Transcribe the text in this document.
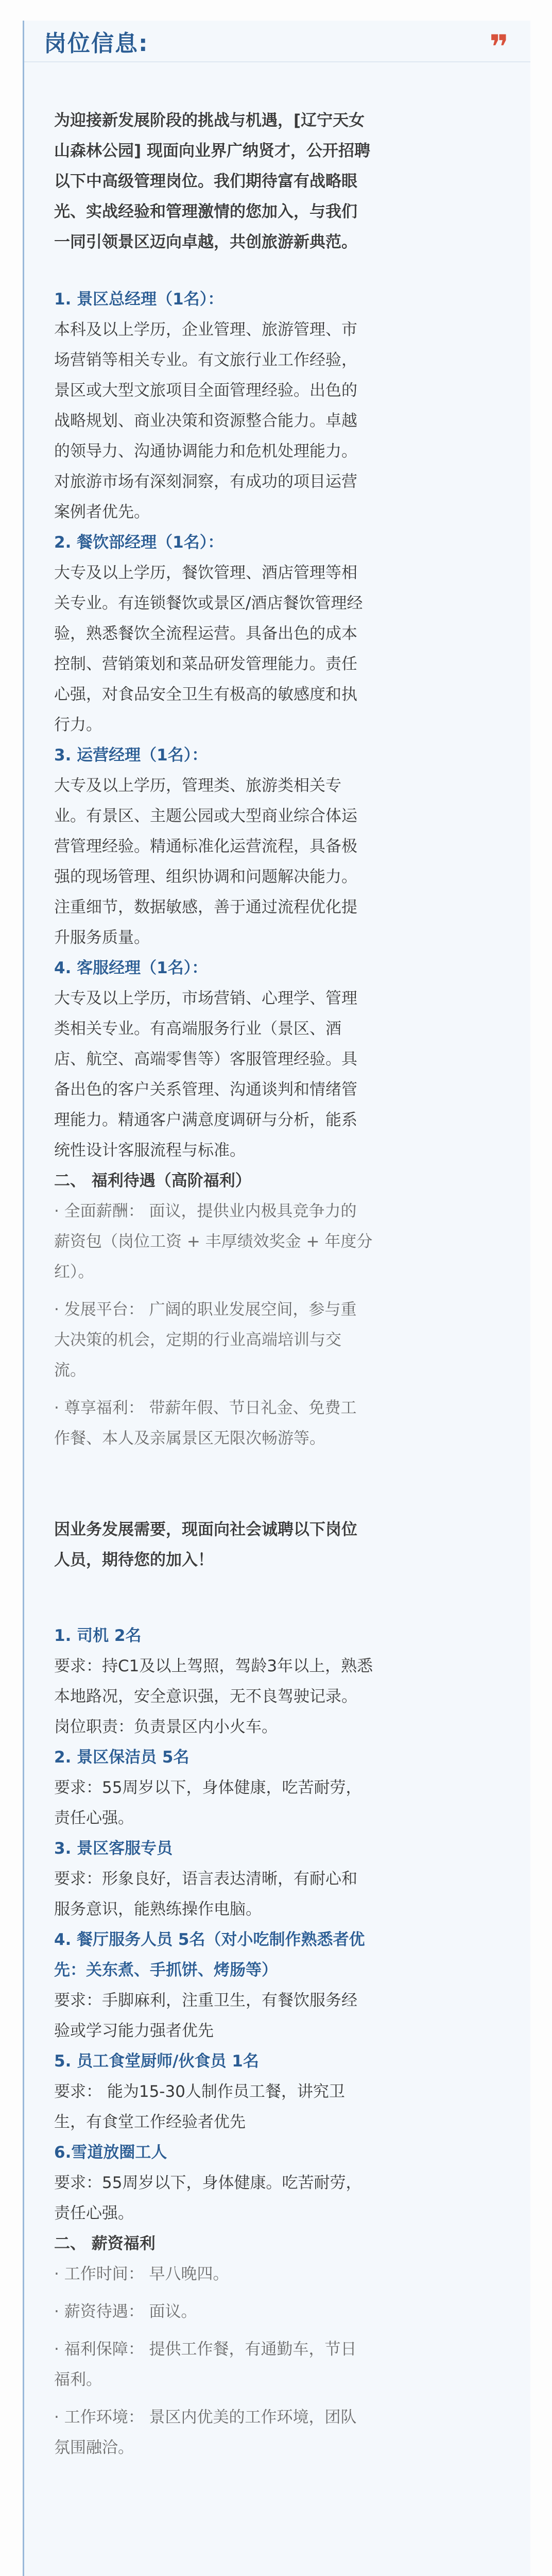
岗位信息:	❞

为迎接新发展阶段的挑战与机遇，[辽宁天女

山森林公园] 现面向业界广纳贤才，公开招聘

以下中高级管理岗位。我们期待富有战略眼

光、实战经验和管理激情的您加入，与我们

一同引领景区迈向卓越，共创旅游新典范。

1. 景区总经理（1名）：

本科及以上学历，企业管理、旅游管理、市

场营销等相关专业。有文旅行业工作经验，

景区或大型文旅项目全面管理经验。出色的

战略规划、商业决策和资源整合能力。卓越

的领导力、沟通协调能力和危机处理能力。

对旅游市场有深刻洞察，有成功的项目运营

案例者优先。

2. 餐饮部经理（1名）：

大专及以上学历，餐饮管理、酒店管理等相

关专业。有连锁餐饮或景区/酒店餐饮管理经

验，熟悉餐饮全流程运营。具备出色的成本

控制、营销策划和菜品研发管理能力。责任

心强，对食品安全卫生有极高的敏感度和执

行力。

3. 运营经理（1名）：

大专及以上学历，管理类、旅游类相关专

业。有景区、主题公园或大型商业综合体运

营管理经验。精通标准化运营流程，具备极

强的现场管理、组织协调和问题解决能力。

注重细节，数据敏感，善于通过流程优化提

升服务质量。

4. 客服经理（1名）：

大专及以上学历，市场营销、心理学、管理

类相关专业。有高端服务行业（景区、酒

店、航空、高端零售等）客服管理经验。具

备出色的客户关系管理、沟通谈判和情绪管

理能力。精通客户满意度调研与分析，能系

统性设计客服流程与标准。

二、 福利待遇（高阶福利）

· 全面薪酬： 面议，提供业内极具竞争力的

薪资包（岗位工资 + 丰厚绩效奖金 + 年度分

红）。

· 发展平台： 广阔的职业发展空间，参与重

大决策的机会，定期的行业高端培训与交

流。

· 尊享福利： 带薪年假、节日礼金、免费工

作餐、本人及亲属景区无限次畅游等。

因业务发展需要，现面向社会诚聘以下岗位

人员，期待您的加入！

1. 司机 2名

要求：持C1及以上驾照，驾龄3年以上，熟悉

本地路况，安全意识强，无不良驾驶记录。

岗位职责：负责景区内小火车。

2. 景区保洁员 5名

要求：55周岁以下，身体健康，吃苦耐劳，

责任心强。

3. 景区客服专员

要求：形象良好，语言表达清晰，有耐心和

服务意识，能熟练操作电脑。

4. 餐厅服务人员 5名（对小吃制作熟悉者优

先：关东煮、手抓饼、烤肠等）

要求：手脚麻利，注重卫生，有餐饮服务经

验或学习能力强者优先

5. 员工食堂厨师/伙食员 1名

要求： 能为15-30人制作员工餐，讲究卫

生，有食堂工作经验者优先

6.雪道放圈工人

要求：55周岁以下，身体健康。吃苦耐劳，

责任心强。

二、 薪资福利

· 工作时间： 早八晚四。

· 薪资待遇： 面议。

· 福利保障： 提供工作餐，有通勤车，节日

福利。

· 工作环境： 景区内优美的工作环境，团队

氛围融洽。
